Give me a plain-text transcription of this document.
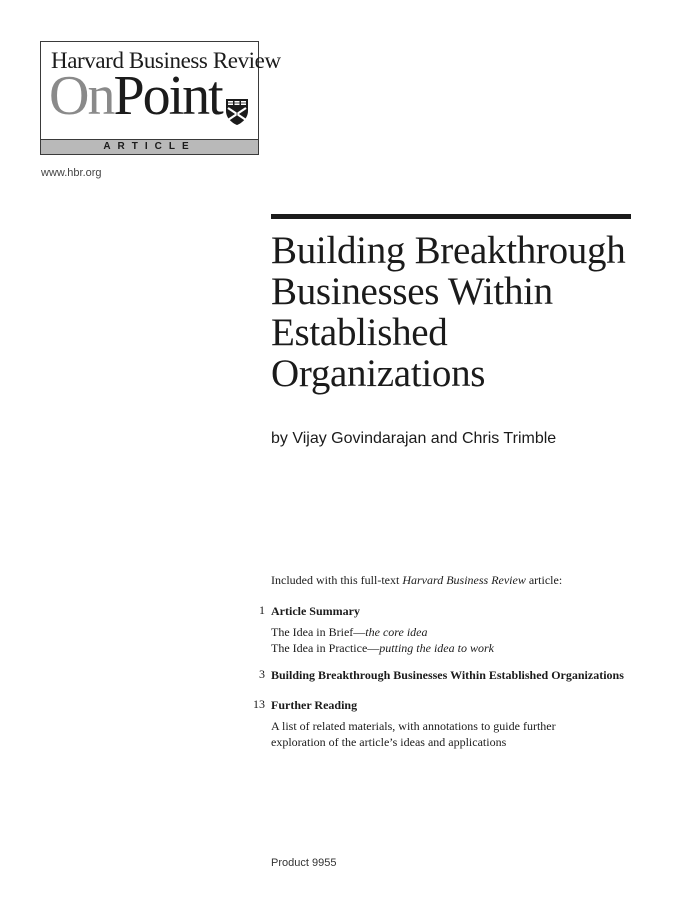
Harvard Business Review
OnPoint
ARTICLE
www.hbr.org
Building Breakthrough
Businesses Within
Established
Organizations
by Vijay Govindarajan and Chris Trimble
Included with this full-text Harvard Business Review article:
1 Article Summary
The Idea in Brief—the core idea
The Idea in Practice—putting the idea to work
3 Building Breakthrough Businesses Within Established Organizations
13 Further Reading
A list of related materials, with annotations to guide further
exploration of the article’s ideas and applications
Product 9955
